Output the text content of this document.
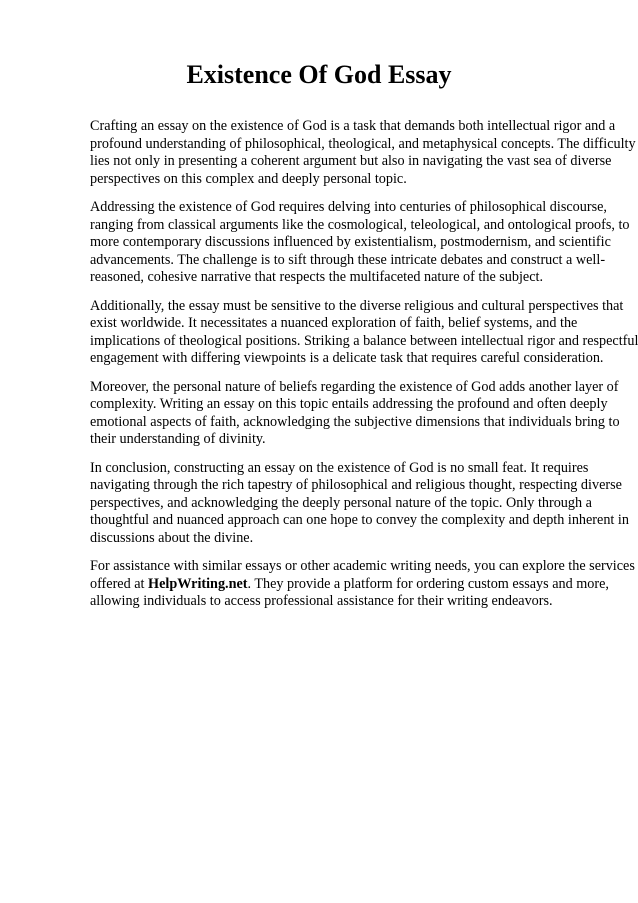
Existence Of God Essay

Crafting an essay on the existence of God is a task that demands both intellectual rigor and a
profound understanding of philosophical, theological, and metaphysical concepts. The difficulty
lies not only in presenting a coherent argument but also in navigating the vast sea of diverse
perspectives on this complex and deeply personal topic.

Addressing the existence of God requires delving into centuries of philosophical discourse,
ranging from classical arguments like the cosmological, teleological, and ontological proofs, to
more contemporary discussions influenced by existentialism, postmodernism, and scientific
advancements. The challenge is to sift through these intricate debates and construct a well-
reasoned, cohesive narrative that respects the multifaceted nature of the subject.

Additionally, the essay must be sensitive to the diverse religious and cultural perspectives that
exist worldwide. It necessitates a nuanced exploration of faith, belief systems, and the
implications of theological positions. Striking a balance between intellectual rigor and respectful
engagement with differing viewpoints is a delicate task that requires careful consideration.

Moreover, the personal nature of beliefs regarding the existence of God adds another layer of
complexity. Writing an essay on this topic entails addressing the profound and often deeply
emotional aspects of faith, acknowledging the subjective dimensions that individuals bring to
their understanding of divinity.

In conclusion, constructing an essay on the existence of God is no small feat. It requires
navigating through the rich tapestry of philosophical and religious thought, respecting diverse
perspectives, and acknowledging the deeply personal nature of the topic. Only through a
thoughtful and nuanced approach can one hope to convey the complexity and depth inherent in
discussions about the divine.

For assistance with similar essays or other academic writing needs, you can explore the services
offered at HelpWriting.net. They provide a platform for ordering custom essays and more,
allowing individuals to access professional assistance for their writing endeavors.
